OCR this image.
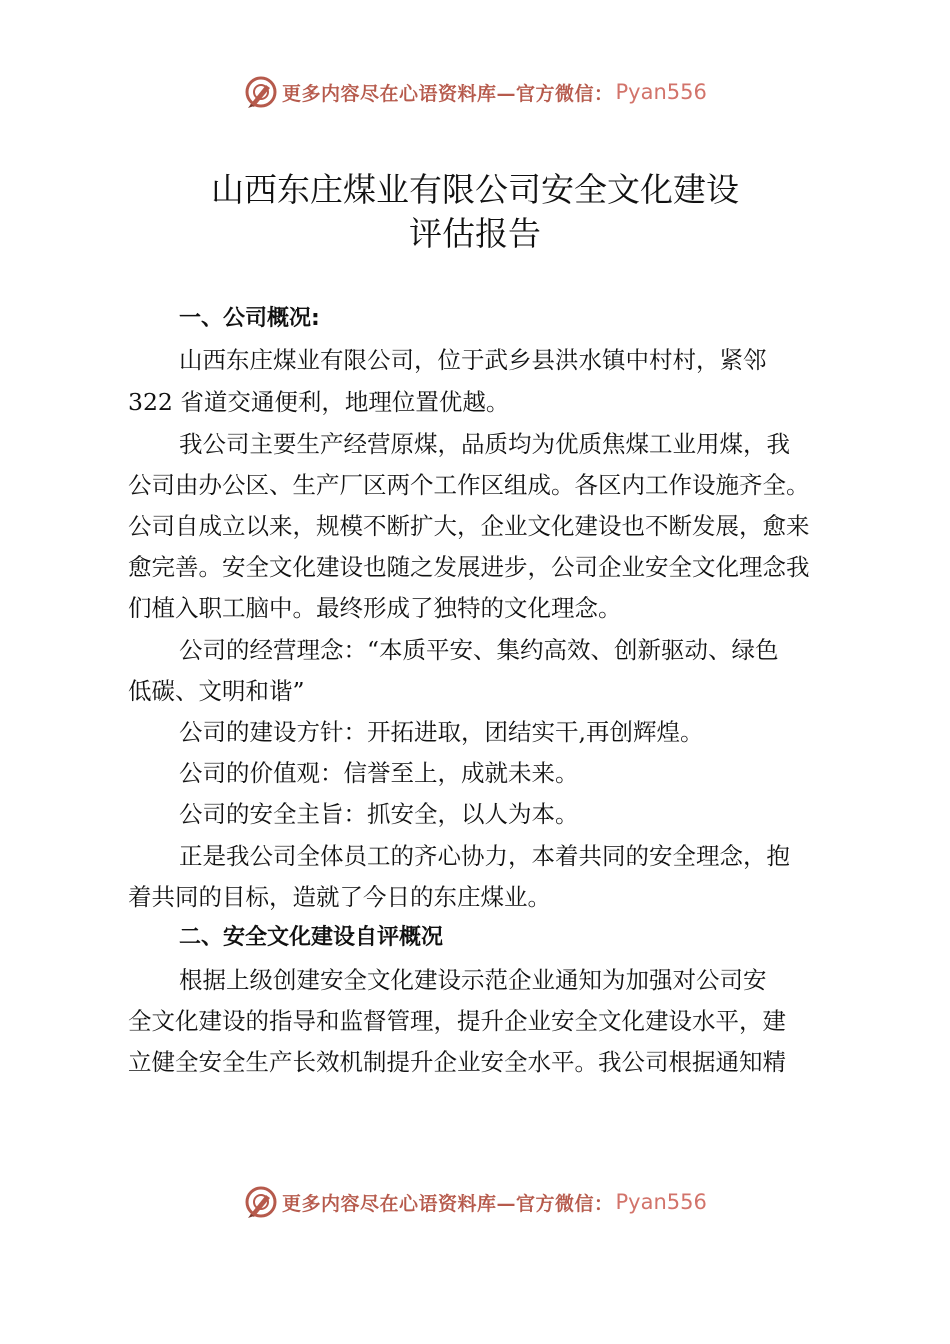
更多内容尽在心语资料库—官方微信： Pyan556
山西东庄煤业有限公司安全文化建设
评估报告
一、公司概况:
山西东庄煤业有限公司，位于武乡县洪水镇中村村，紧邻
322 省道交通便利，地理位置优越。
我公司主要生产经营原煤，品质均为优质焦煤工业用煤，我
公司由办公区、生产厂区两个工作区组成。各区内工作设施齐全。
公司自成立以来，规模不断扩大，企业文化建设也不断发展，愈来
愈完善。安全文化建设也随之发展进步，公司企业安全文化理念我
们植入职工脑中。最终形成了独特的文化理念。
公司的经营理念：“本质平安、集约高效、创新驱动、绿色
低碳、文明和谐”
公司的建设方针：开拓进取，团结实干,再创辉煌。
公司的价值观：信誉至上，成就未来。
公司的安全主旨：抓安全，以人为本。
正是我公司全体员工的齐心协力，本着共同的安全理念，抱
着共同的目标，造就了今日的东庄煤业。
二、安全文化建设自评概况
根据上级创建安全文化建设示范企业通知为加强对公司安
全文化建设的指导和监督管理，提升企业安全文化建设水平，建
立健全安全生产长效机制提升企业安全水平。我公司根据通知精
更多内容尽在心语资料库—官方微信： Pyan556
